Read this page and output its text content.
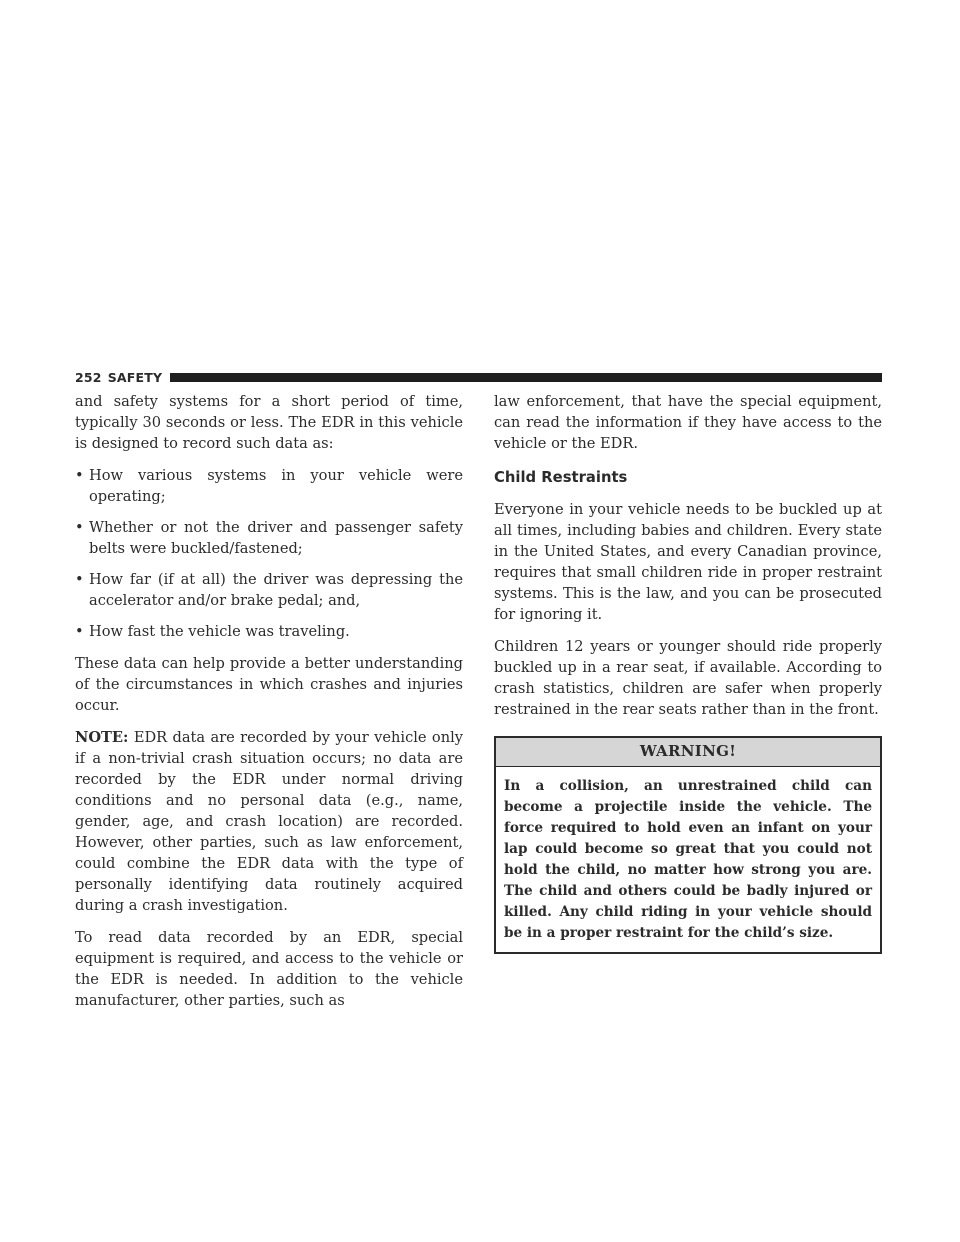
252 SAFETY

and safety systems for a short period of time, typically 30 seconds or less. The EDR in this vehicle is designed to record such data as:

• How various systems in your vehicle were operating;
• Whether or not the driver and passenger safety belts were buckled/fastened;
• How far (if at all) the driver was depressing the accelerator and/or brake pedal; and,
• How fast the vehicle was traveling.

These data can help provide a better understanding of the circumstances in which crashes and injuries occur.

NOTE: EDR data are recorded by your vehicle only if a non-trivial crash situation occurs; no data are recorded by the EDR under normal driving conditions and no personal data (e.g., name, gender, age, and crash location) are recorded. However, other parties, such as law enforcement, could combine the EDR data with the type of personally identifying data routinely acquired during a crash investigation.

To read data recorded by an EDR, special equipment is required, and access to the vehicle or the EDR is needed. In addition to the vehicle manufacturer, other parties, such as

law enforcement, that have the special equipment, can read the information if they have access to the vehicle or the EDR.

Child Restraints

Everyone in your vehicle needs to be buckled up at all times, including babies and children. Every state in the United States, and every Canadian province, requires that small children ride in proper restraint systems. This is the law, and you can be prosecuted for ignoring it.

Children 12 years or younger should ride properly buckled up in a rear seat, if available. According to crash statistics, children are safer when properly restrained in the rear seats rather than in the front.

WARNING!
In a collision, an unrestrained child can become a projectile inside the vehicle. The force required to hold even an infant on your lap could become so great that you could not hold the child, no matter how strong you are. The child and others could be badly injured or killed. Any child riding in your vehicle should be in a proper restraint for the child’s size.
